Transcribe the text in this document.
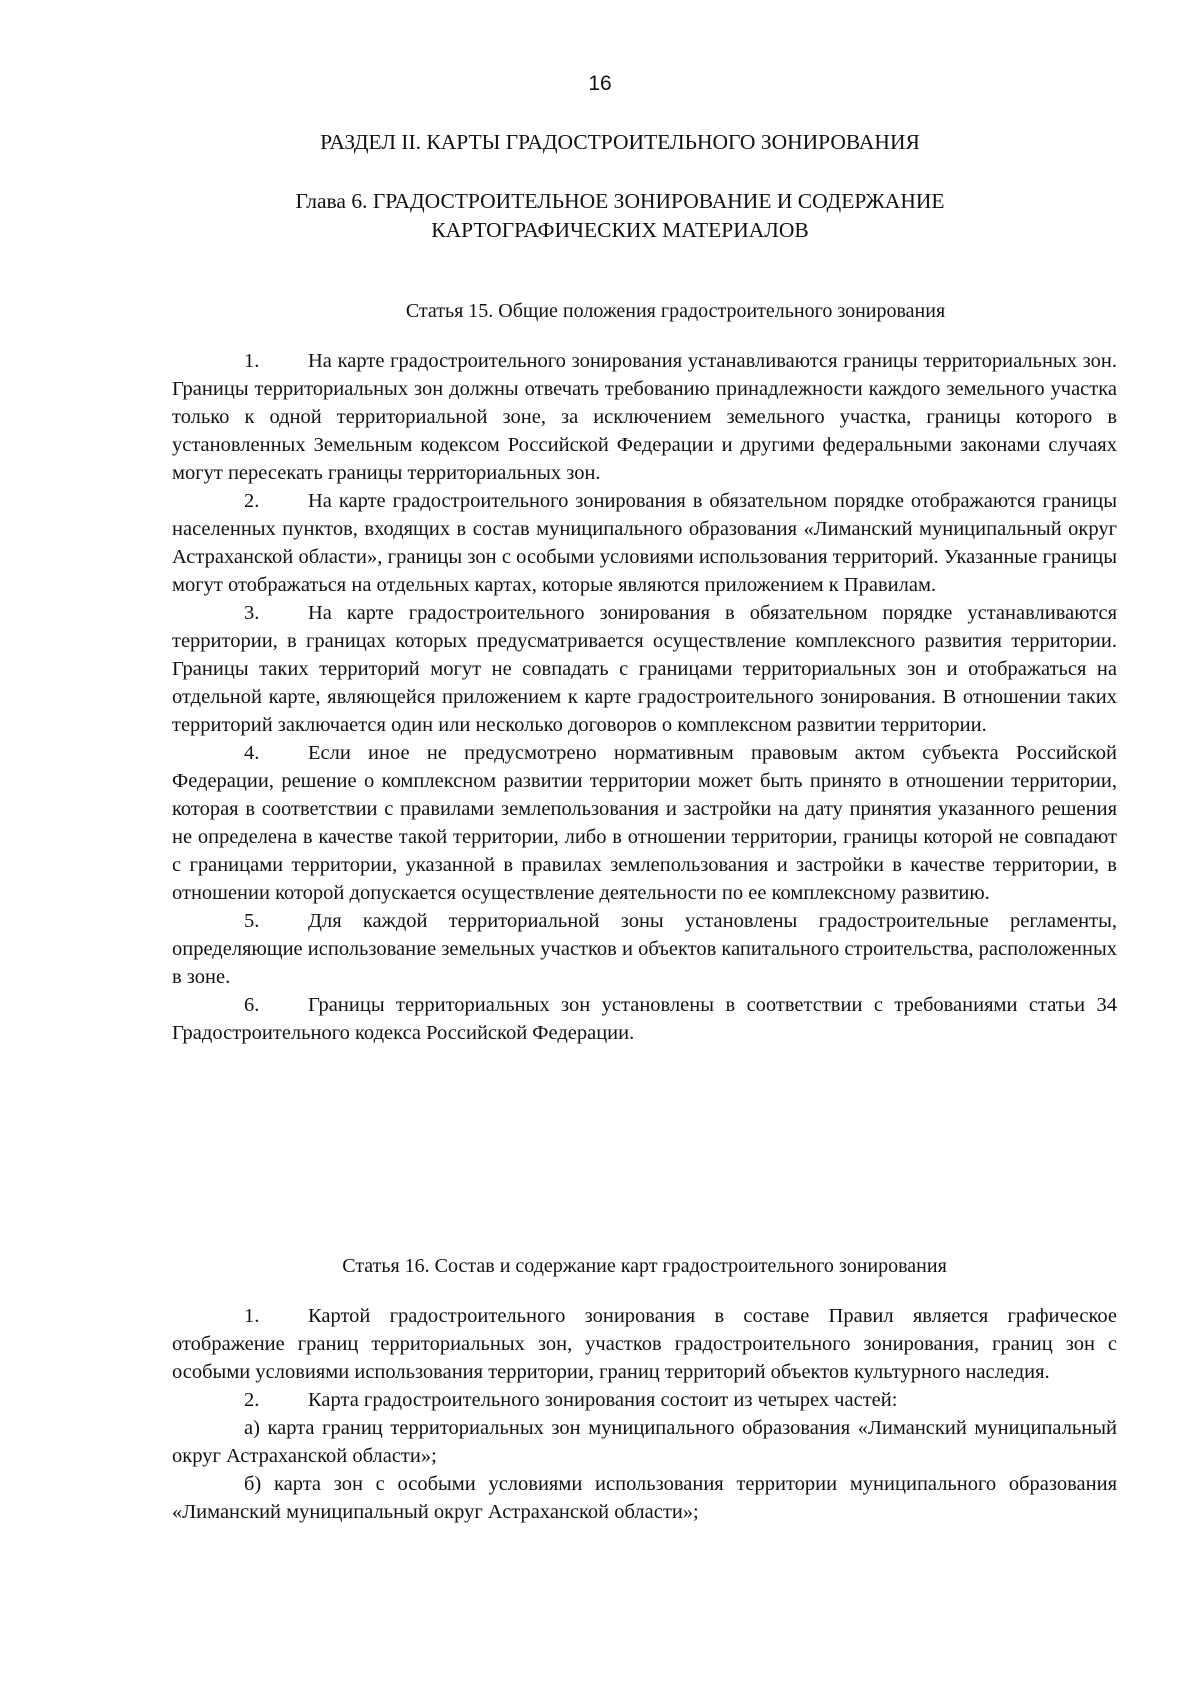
16
РАЗДЕЛ II. КАРТЫ ГРАДОСТРОИТЕЛЬНОГО ЗОНИРОВАНИЯ
Глава 6. ГРАДОСТРОИТЕЛЬНОЕ ЗОНИРОВАНИЕ И СОДЕРЖАНИЕ
КАРТОГРАФИЧЕСКИХ МАТЕРИАЛОВ

Статья 15. Общие положения градостроительного зонирования

1. На карте градостроительного зонирования устанавливаются границы территориальных зон. Границы территориальных зон должны отвечать требованию принадлежности каждого земельного участка только к одной территориальной зоне, за исключением земельного участка, границы которого в установленных Земельным кодексом Российской Федерации и другими федеральными законами случаях могут пересекать границы территориальных зон.

2. На карте градостроительного зонирования в обязательном порядке отображаются границы населенных пунктов, входящих в состав муниципального образования «Лиманский муниципальный округ Астраханской области», границы зон с особыми условиями использования территорий. Указанные границы могут отображаться на отдельных картах, которые являются приложением к Правилам.

3. На карте градостроительного зонирования в обязательном порядке устанавливаются территории, в границах которых предусматривается осуществление комплексного развития территории. Границы таких территорий могут не совпадать с границами территориальных зон и отображаться на отдельной карте, являющейся приложением к карте градостроительного зонирования. В отношении таких территорий заключается один или несколько договоров о комплексном развитии территории.

4. Если иное не предусмотрено нормативным правовым актом субъекта Российской Федерации, решение о комплексном развитии территории может быть принято в отношении территории, которая в соответствии с правилами землепользования и застройки на дату принятия указанного решения не определена в качестве такой территории, либо в отношении территории, границы которой не совпадают с границами территории, указанной в правилах землепользования и застройки в качестве территории, в отношении которой допускается осуществление деятельности по ее комплексному развитию.

5. Для каждой территориальной зоны установлены градостроительные регламенты, определяющие использование земельных участков и объектов капитального строительства, расположенных в зоне.

6. Границы территориальных зон установлены в соответствии с требованиями статьи 34 Градостроительного кодекса Российской Федерации.

Статья 16. Состав и содержание карт градостроительного зонирования

1. Картой градостроительного зонирования в составе Правил является графическое отображение границ территориальных зон, участков градостроительного зонирования, границ зон с особыми условиями использования территории, границ территорий объектов культурного наследия.

2. Карта градостроительного зонирования состоит из четырех частей:

а) карта границ территориальных зон муниципального образования «Лиманский муниципальный округ Астраханской области»;

б) карта зон с особыми условиями использования территории муниципального образования «Лиманский муниципальный округ Астраханской области»;
